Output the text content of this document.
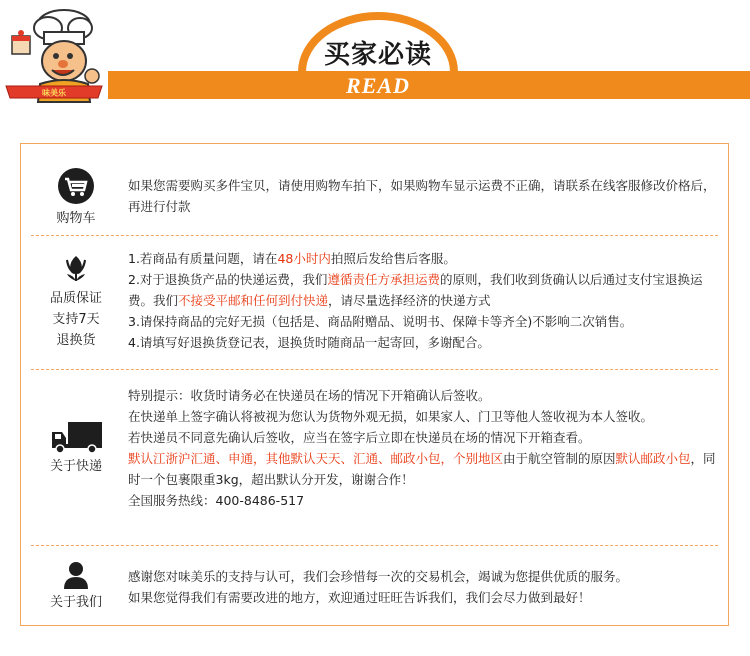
买家必读
READ
味美乐
购物车
如果您需要购买多件宝贝，请使用购物车拍下，如果购物车显示运费不正确，请联系在线客服修改价格后，再进行付款
品质保证
支持7天
退换货
1.若商品有质量问题，请在48小时内拍照后发给售后客服。
2.对于退换货产品的快递运费，我们遵循责任方承担运费的原则，我们收到货确认以后通过支付宝退换运费。我们不接受平邮和任何到付快递，请尽量选择经济的快递方式
3.请保持商品的完好无损（包括是、商品附赠品、说明书、保障卡等齐全)不影响二次销售。
4.请填写好退换货登记表，退换货时随商品一起寄回，多谢配合。
关于快递
特别提示：收货时请务必在快递员在场的情况下开箱确认后签收。
在快递单上签字确认将被视为您认为货物外观无损，如果家人、门卫等他人签收视为本人签收。
若快递员不同意先确认后签收，应当在签字后立即在快递员在场的情况下开箱查看。
默认江浙沪汇通、申通，其他默认天天、汇通、邮政小包，个别地区由于航空管制的原因默认邮政小包，同时一个包裹限重3kg，超出默认分开发，谢谢合作！
全国服务热线：400-8486-517
关于我们
感谢您对味美乐的支持与认可，我们会珍惜每一次的交易机会，竭诚为您提供优质的服务。
如果您觉得我们有需要改进的地方，欢迎通过旺旺告诉我们，我们会尽力做到最好！
